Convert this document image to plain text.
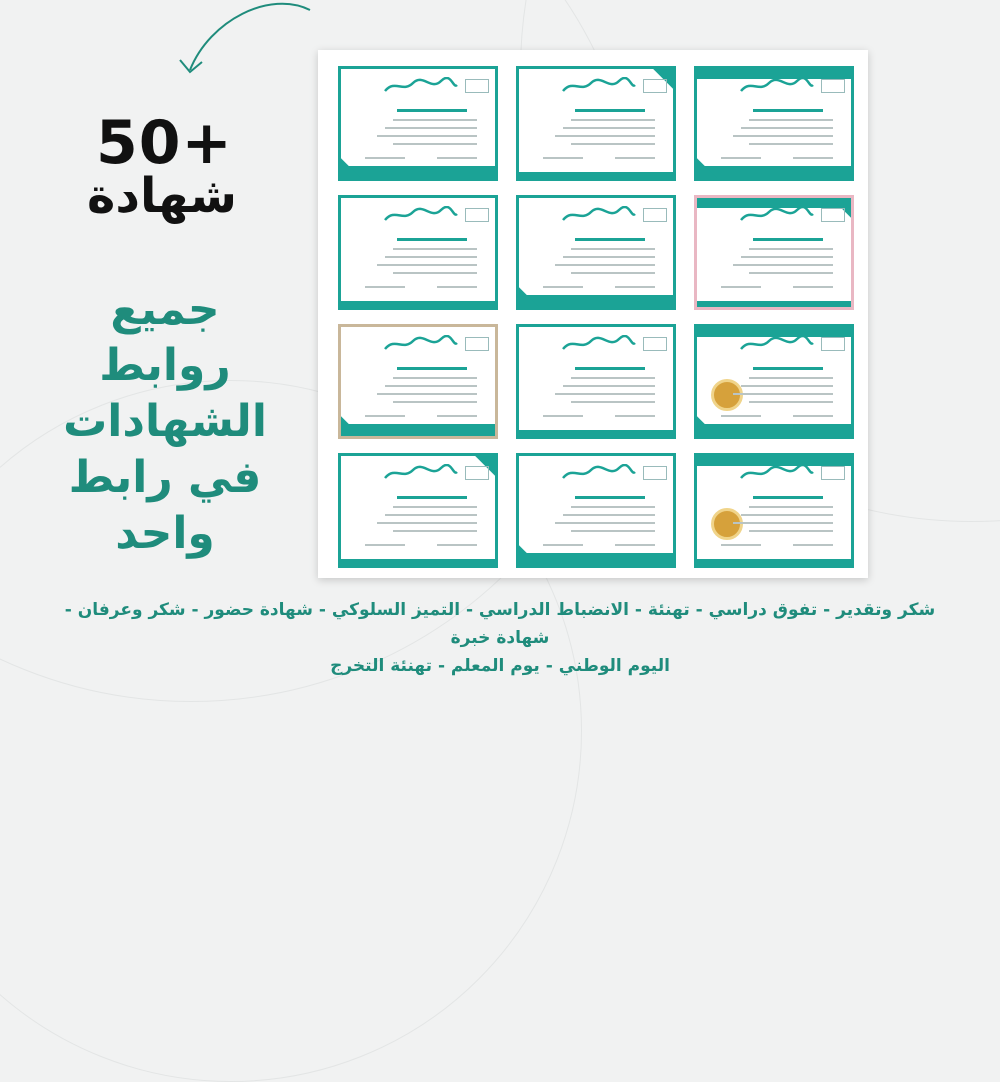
50+
شهادة
جميع
روابط
الشهادات
في رابط
واحد
شكر وتقدير - تفوق دراسي - تهنئة - الانضباط الدراسي - التميز السلوكي - شهادة حضور - شكر وعرفان - شهادة خبرة
اليوم الوطني - يوم المعلم - تهنئة التخرج
